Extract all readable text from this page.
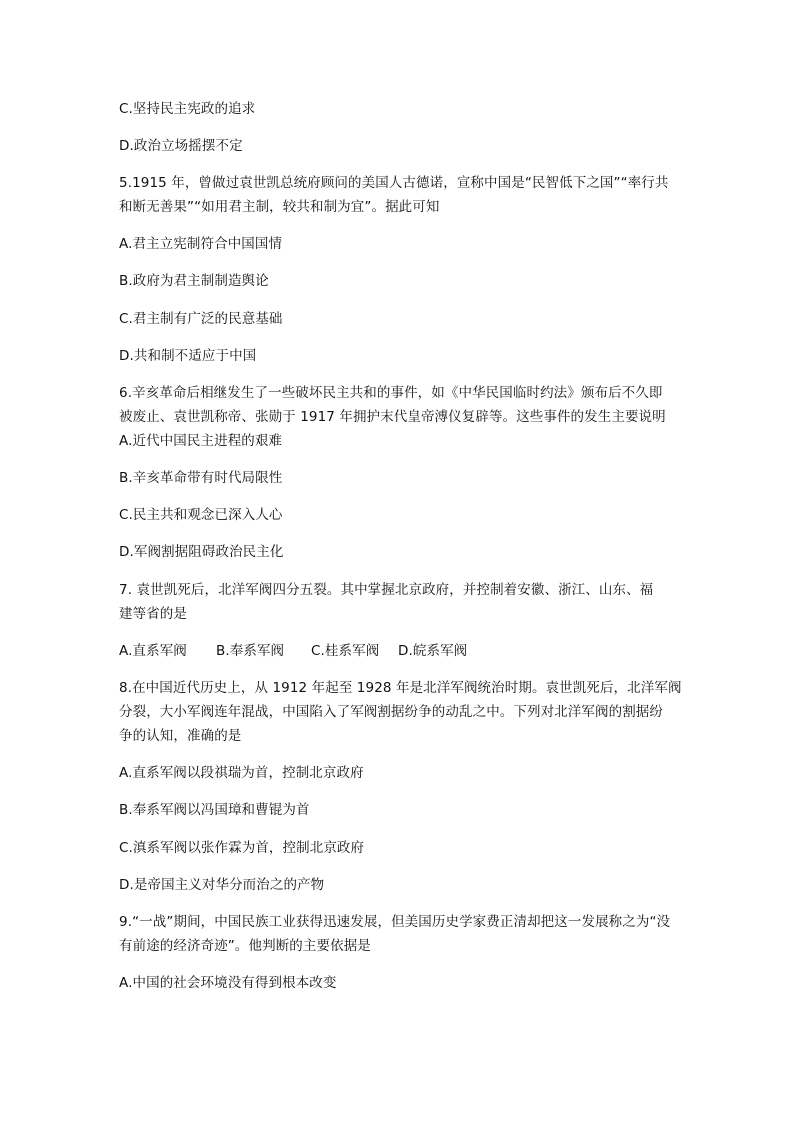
C.坚持民主宪政的追求
D.政治立场摇摆不定
5.1915 年，曾做过袁世凯总统府顾问的美国人古德诺，宣称中国是“民智低下之国”“率行共
和断无善果”“如用君主制，较共和制为宜”。据此可知
A.君主立宪制符合中国国情
B.政府为君主制制造舆论
C.君主制有广泛的民意基础
D.共和制不适应于中国
6.辛亥革命后相继发生了一些破坏民主共和的事件，如《中华民国临时约法》颁布后不久即
被废止、袁世凯称帝、张勋于 1917 年拥护末代皇帝溥仪复辟等。这些事件的发生主要说明
A.近代中国民主进程的艰难
B.辛亥革命带有时代局限性
C.民主共和观念已深入人心
D.军阀割据阻碍政治民主化
7. 袁世凯死后，北洋军阀四分五裂。其中掌握北京政府，并控制着安徽、浙江、山东、福
建等省的是
A.直系军阀	B.奉系军阀	C.桂系军阀	D.皖系军阀
8.在中国近代历史上，从 1912 年起至 1928 年是北洋军阀统治时期。袁世凯死后，北洋军阀
分裂，大小军阀连年混战，中国陷入了军阀割据纷争的动乱之中。下列对北洋军阀的割据纷
争的认知，准确的是
A.直系军阀以段祺瑞为首，控制北京政府
B.奉系军阀以冯国璋和曹锟为首
C.滇系军阀以张作霖为首，控制北京政府
D.是帝国主义对华分而治之的产物
9.“一战”期间，中国民族工业获得迅速发展，但美国历史学家费正清却把这一发展称之为“没
有前途的经济奇迹”。他判断的主要依据是
A.中国的社会环境没有得到根本改变
